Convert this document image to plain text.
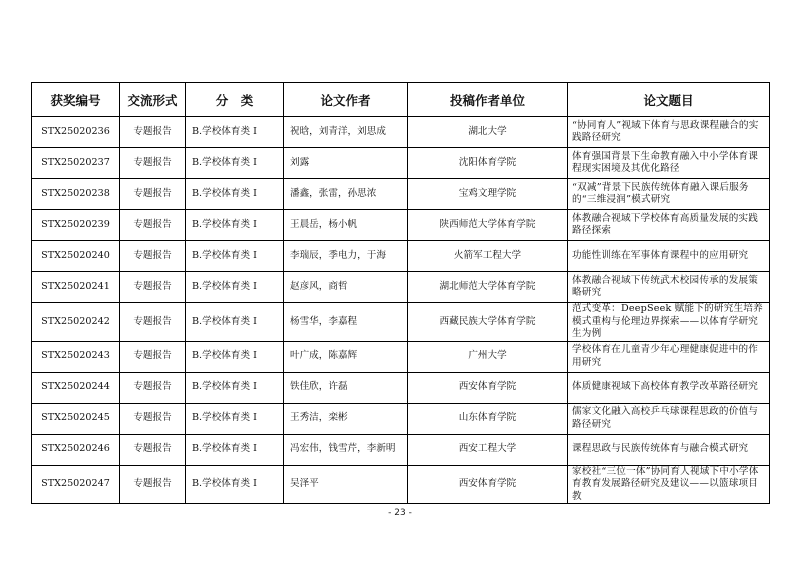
获奖编号	交流形式	分　类	论文作者	投稿作者单位	论文题目
STX25020236	专题报告	B.学校体育类 I	祝晗，刘青洋，刘思成	湖北大学	“协同育人”视域下体育与思政课程融合的实践路径研究
STX25020237	专题报告	B.学校体育类 I	刘露	沈阳体育学院	体育强国背景下生命教育融入中小学体育课程现实困境及其优化路径
STX25020238	专题报告	B.学校体育类 I	潘鑫，张雷，孙思浓	宝鸡文理学院	“双减”背景下民族传统体育融入课后服务的“三维浸润”模式研究
STX25020239	专题报告	B.学校体育类 I	王晨岳，杨小帆	陕西师范大学体育学院	体教融合视域下学校体育高质量发展的实践路径探索
STX25020240	专题报告	B.学校体育类 I	李瑞辰，季电力，于海	火箭军工程大学	功能性训练在军事体育课程中的应用研究
STX25020241	专题报告	B.学校体育类 I	赵彦风，商哲	湖北师范大学体育学院	体教融合视域下传统武术校园传承的发展策略研究
STX25020242	专题报告	B.学校体育类 I	杨雪华，李嘉程	西藏民族大学体育学院	范式变革：DeepSeek 赋能下的研究生培养模式重构与伦理边界探索——以体育学研究生为例
STX25020243	专题报告	B.学校体育类 I	叶广成，陈嘉辉	广州大学	学校体育在儿童青少年心理健康促进中的作用研究
STX25020244	专题报告	B.学校体育类 I	铁佳欣，许磊	西安体育学院	体质健康视域下高校体育教学改革路径研究
STX25020245	专题报告	B.学校体育类 I	王秀洁，栾彬	山东体育学院	儒家文化融入高校乒乓球课程思政的价值与路径研究
STX25020246	专题报告	B.学校体育类 I	冯宏伟，钱雪芹，李新明	西安工程大学	课程思政与民族传统体育与融合模式研究
STX25020247	专题报告	B.学校体育类 I	吴泽平	西安体育学院	家校社“三位一体”协同育人视域下中小学体育教育发展路径研究及建议——以篮球项目教
- 23 -
